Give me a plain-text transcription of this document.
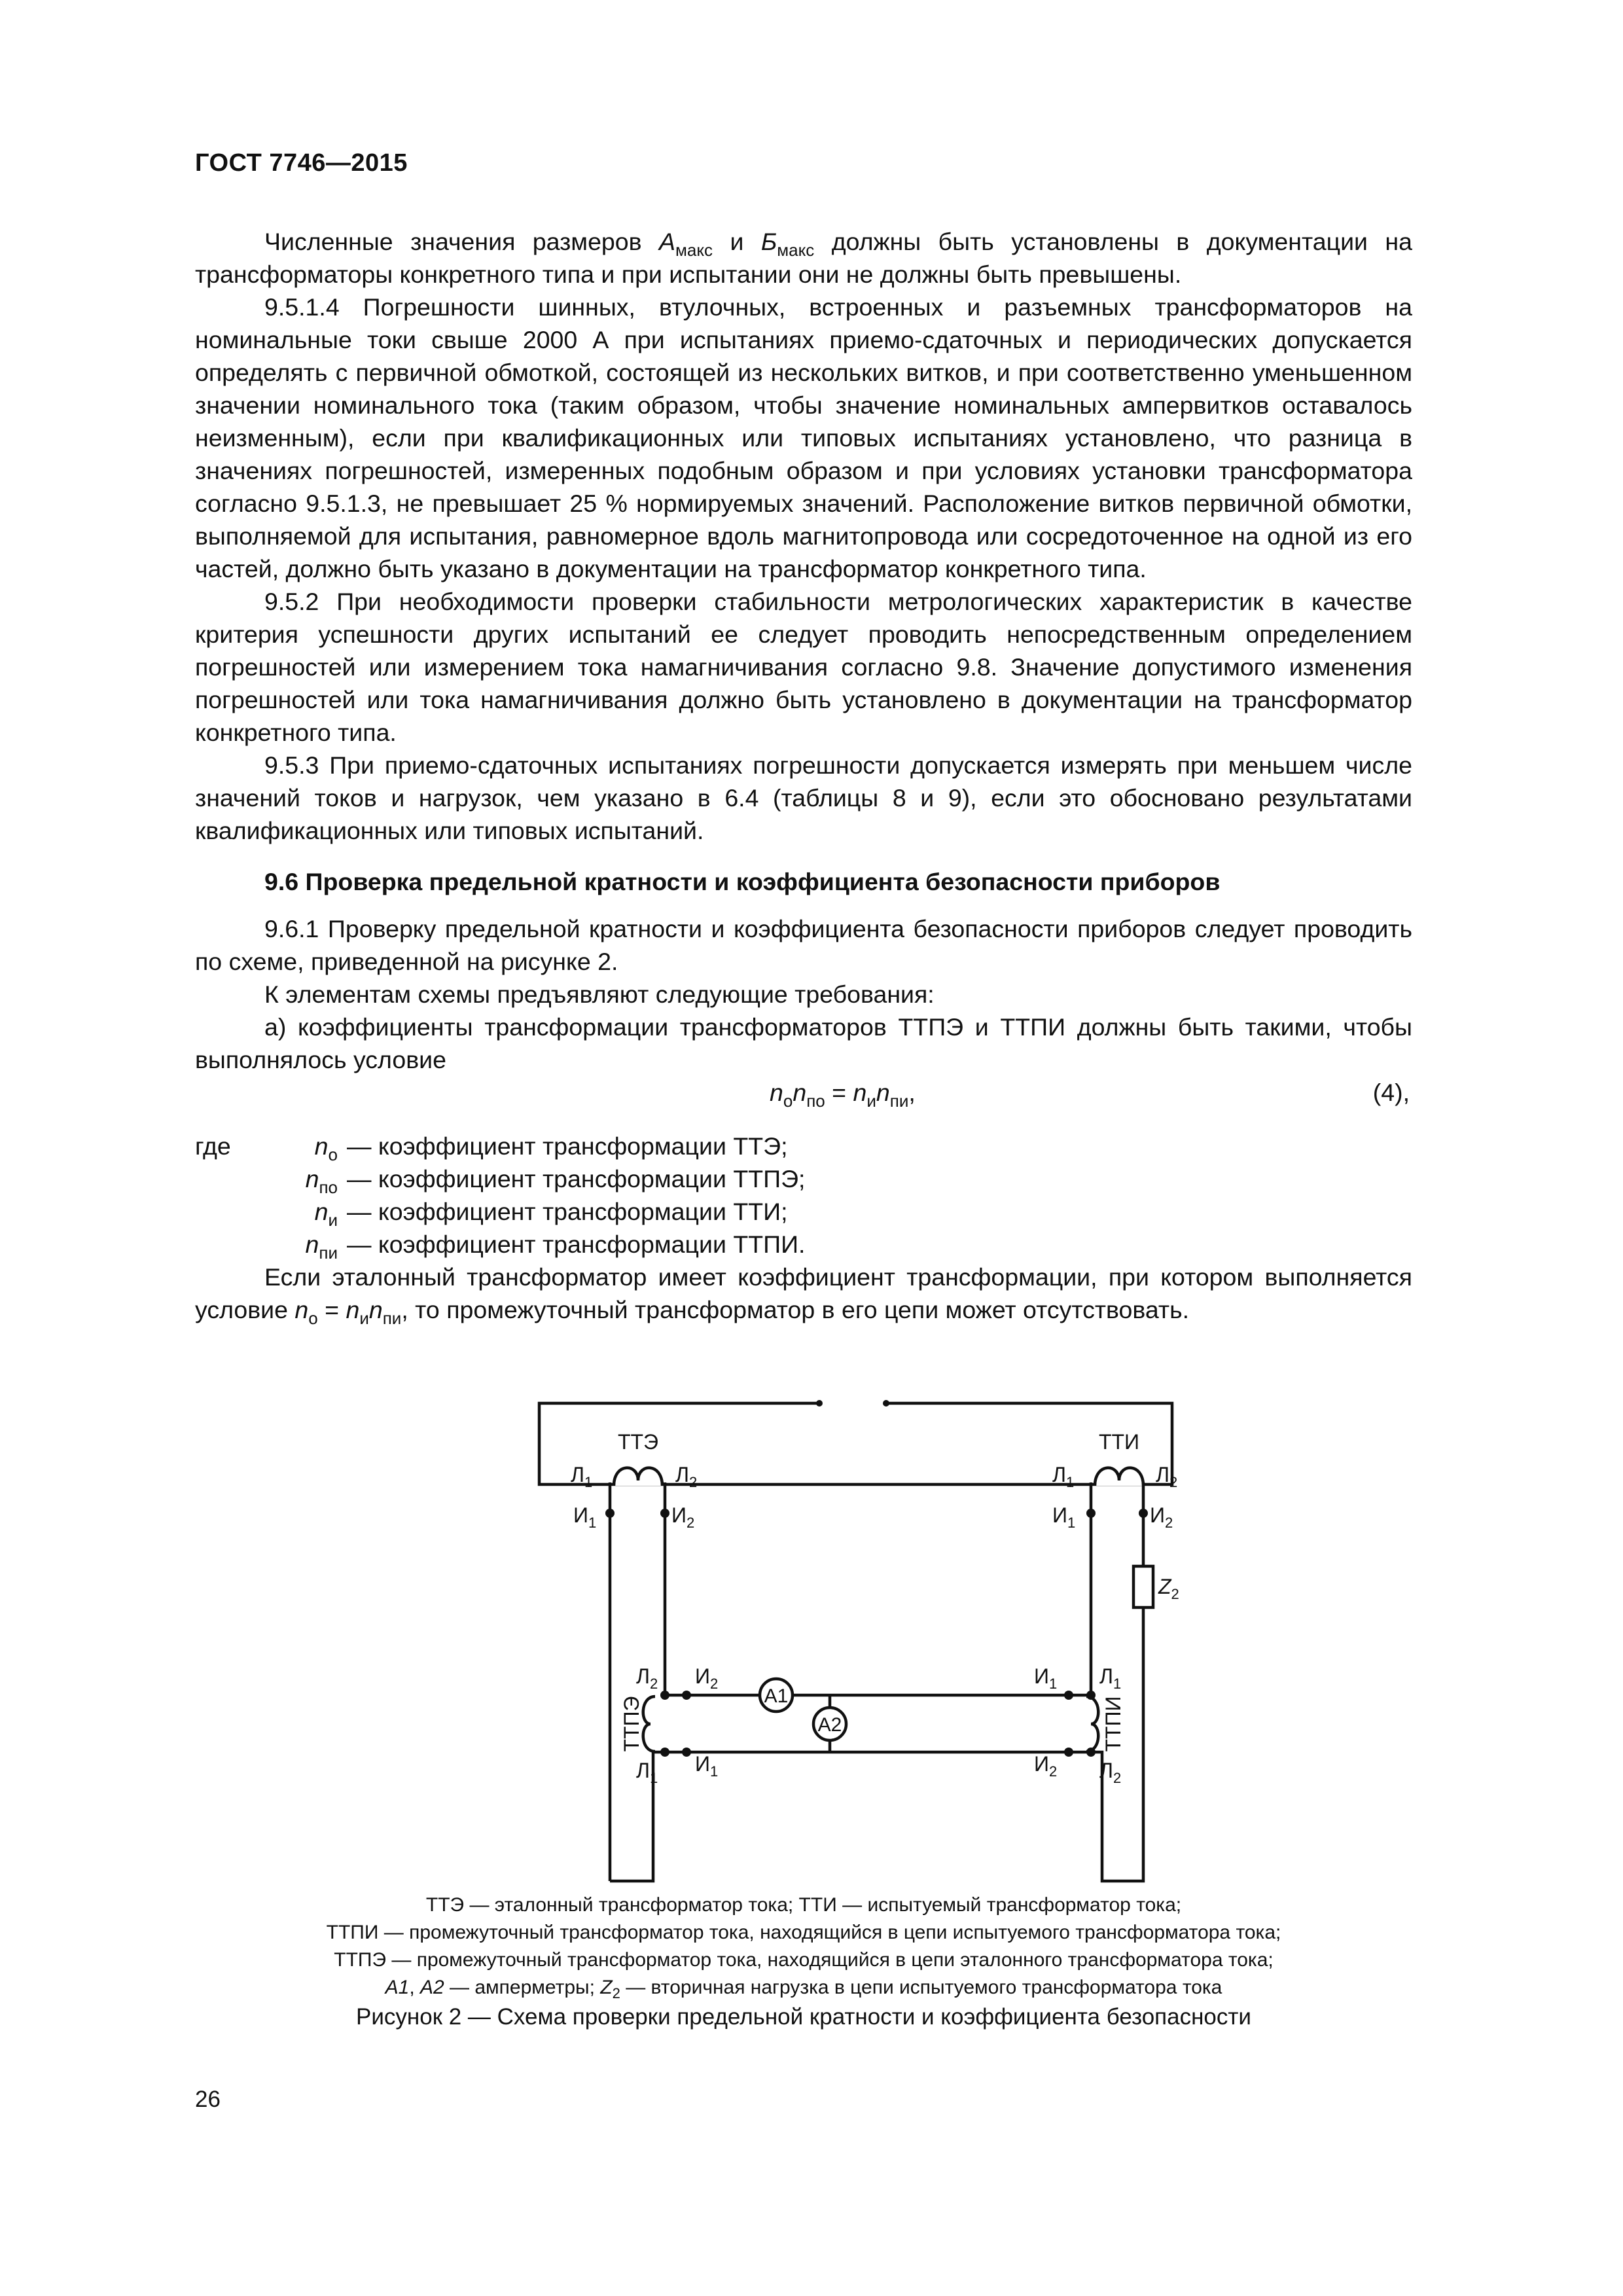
ГОСТ 7746—2015

Численные значения размеров $А_{макс}$ и $Б_{макс}$ должны быть установлены в документации на трансформаторы конкретного типа и при испытании они не должны быть превышены.

9.5.1.4 Погрешности шинных, втулочных, встроенных и разъемных трансформаторов на номинальные токи свыше 2000 А при испытаниях приемо-сдаточных и периодических допускается определять с первичной обмоткой, состоящей из нескольких витков, и при соответственно уменьшенном значении номинального тока (таким образом, чтобы значение номинальных ампервитков оставалось неизменным), если при квалификационных или типовых испытаниях установлено, что разница в значениях погрешностей, измеренных подобным образом и при условиях установки трансформатора согласно 9.5.1.3, не превышает 25 % нормируемых значений. Расположение витков первичной обмотки, выполняемой для испытания, равномерное вдоль магнитопровода или сосредоточенное на одной из его частей, должно быть указано в документации на трансформатор конкретного типа.

9.5.2 При необходимости проверки стабильности метрологических характеристик в качестве критерия успешности других испытаний ее следует проводить непосредственным определением погрешностей или измерением тока намагничивания согласно 9.8. Значение допустимого изменения погрешностей или тока намагничивания должно быть установлено в документации на трансформатор конкретного типа.

9.5.3 При приемо-сдаточных испытаниях погрешности допускается измерять при меньшем числе значений токов и нагрузок, чем указано в 6.4 (таблицы 8 и 9), если это обосновано результатами квалификационных или типовых испытаний.

9.6 Проверка предельной кратности и коэффициента безопасности приборов

9.6.1 Проверку предельной кратности и коэффициента безопасности приборов следует проводить по схеме, приведенной на рисунке 2.

К элементам схемы предъявляют следующие требования:

а) коэффициенты трансформации трансформаторов ТТПЭ и ТТПИ должны быть такими, чтобы выполнялось условие

$n_оn_{по} = n_иn_{пи}$,	(4),
где	$n_о$ — коэффициент трансформации ТТЭ;
$n_{по}$ — коэффициент трансформации ТТПЭ;
$n_и$ — коэффициент трансформации ТТИ;
$n_{пи}$ — коэффициент трансформации ТТПИ.

Если эталонный трансформатор имеет коэффициент трансформации, при котором выполняется условие $n_о = n_иn_{пи}$, то промежуточный трансформатор в его цепи может отсутствовать.

А1
А2
ТТЭ	ТТИ
ТТПЭ	ТТПИ
$Л_1$	$Л_2$
$И_1$	$И_2$
$Л_1$	$Л_2$
$И_1$	$И_2$
$Z_2$
$Л_2$
$Л_1$
$И_2$
$И_1$
$И_1$
$И_2$
$Л_1$
$Л_2$
ТТЭ — эталонный трансформатор тока; ТТИ — испытуемый трансформатор тока;
ТТПИ — промежуточный трансформатор тока, находящийся в цепи испытуемого трансформатора тока;
ТТПЭ — промежуточный трансформатор тока, находящийся в цепи эталонного трансформатора тока;
А1, А2 — амперметры; $Z_2$ — вторичная нагрузка в цепи испытуемого трансформатора тока
Рисунок 2 — Схема проверки предельной кратности и коэффициента безопасности
26
